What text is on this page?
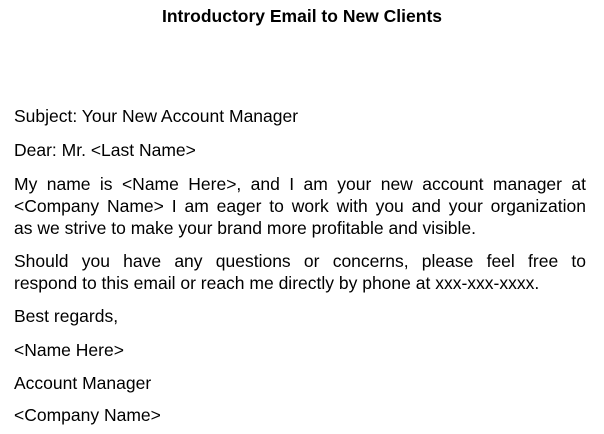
Introductory Email to New Clients
Subject: Your New Account Manager
Dear: Mr. <Last Name>
My name is <Name Here>, and I am your new account manager at
<Company Name> I am eager to work with you and your organization
as we strive to make your brand more profitable and visible.
Should you have any questions or concerns, please feel free to
respond to this email or reach me directly by phone at xxx-xxx-xxxx.
Best regards,
<Name Here>
Account Manager
<Company Name>
